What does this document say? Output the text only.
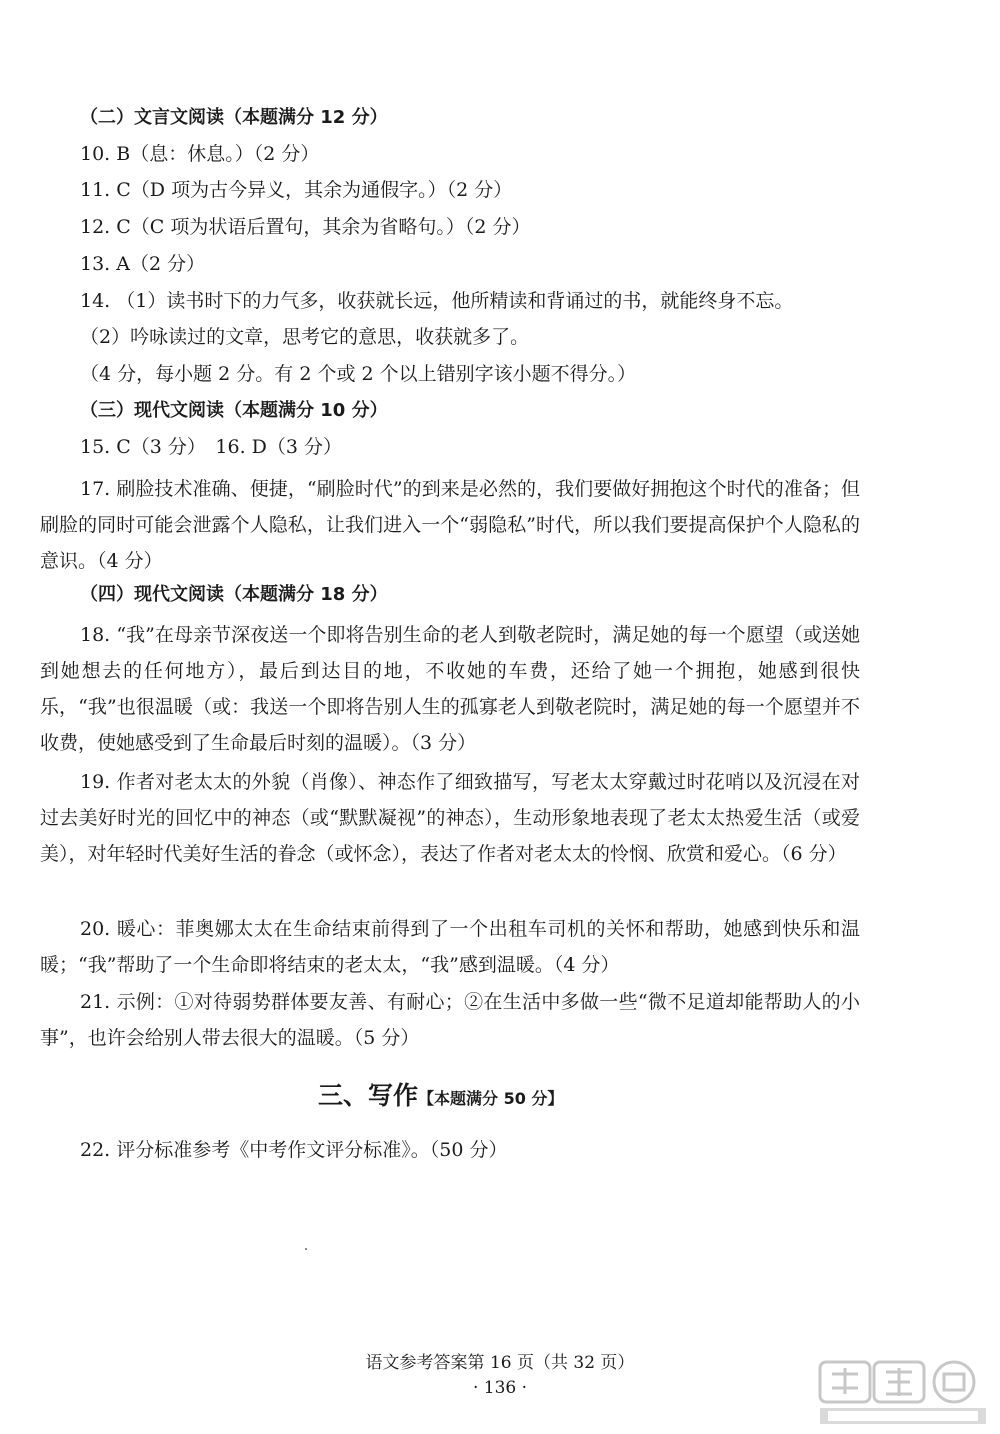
（二）文言文阅读（本题满分 12 分）
10. B（息：休息。）（2 分）
11. C（D 项为古今异义，其余为通假字。）（2 分）
12. C（C 项为状语后置句，其余为省略句。）（2 分）
13. A（2 分）
14. （1）读书时下的力气多，收获就长远，他所精读和背诵过的书，就能终身不忘。
（2）吟咏读过的文章，思考它的意思，收获就多了。
（4 分，每小题 2 分。有 2 个或 2 个以上错别字该小题不得分。）
（三）现代文阅读（本题满分 10 分）
15. C（3 分）　16. D（3 分）

17. 刷脸技术准确、便捷，“刷脸时代”的到来是必然的，我们要做好拥抱这个时代的准备；但刷脸的同时可能会泄露个人隐私，让我们进入一个“弱隐私”时代，所以我们要提高保护个人隐私的意识。（4 分）

（四）现代文阅读（本题满分 18 分）

18. “我”在母亲节深夜送一个即将告别生命的老人到敬老院时，满足她的每一个愿望（或送她到她想去的任何地方），最后到达目的地，不收她的车费，还给了她一个拥抱，她感到很快乐，“我”也很温暖（或：我送一个即将告别人生的孤寡老人到敬老院时，满足她的每一个愿望并不收费，使她感受到了生命最后时刻的温暖）。（3 分）

19. 作者对老太太的外貌（肖像）、神态作了细致描写，写老太太穿戴过时花哨以及沉浸在对过去美好时光的回忆中的神态（或“默默凝视”的神态），生动形象地表现了老太太热爱生活（或爱美），对年轻时代美好生活的眷念（或怀念），表达了作者对老太太的怜悯、欣赏和爱心。（6 分）

20. 暖心：菲奥娜太太在生命结束前得到了一个出租车司机的关怀和帮助，她感到快乐和温暖；“我”帮助了一个生命即将结束的老太太，“我”感到温暖。（4 分）

21. 示例：①对待弱势群体要友善、有耐心；②在生活中多做一些“微不足道却能帮助人的小事”，也许会给别人带去很大的温暖。（5 分）

三、写作【本题满分 50 分】
22. 评分标准参考《中考作文评分标准》。（50 分）
语文参考答案第 16 页（共 32 页）
· 136 ·
